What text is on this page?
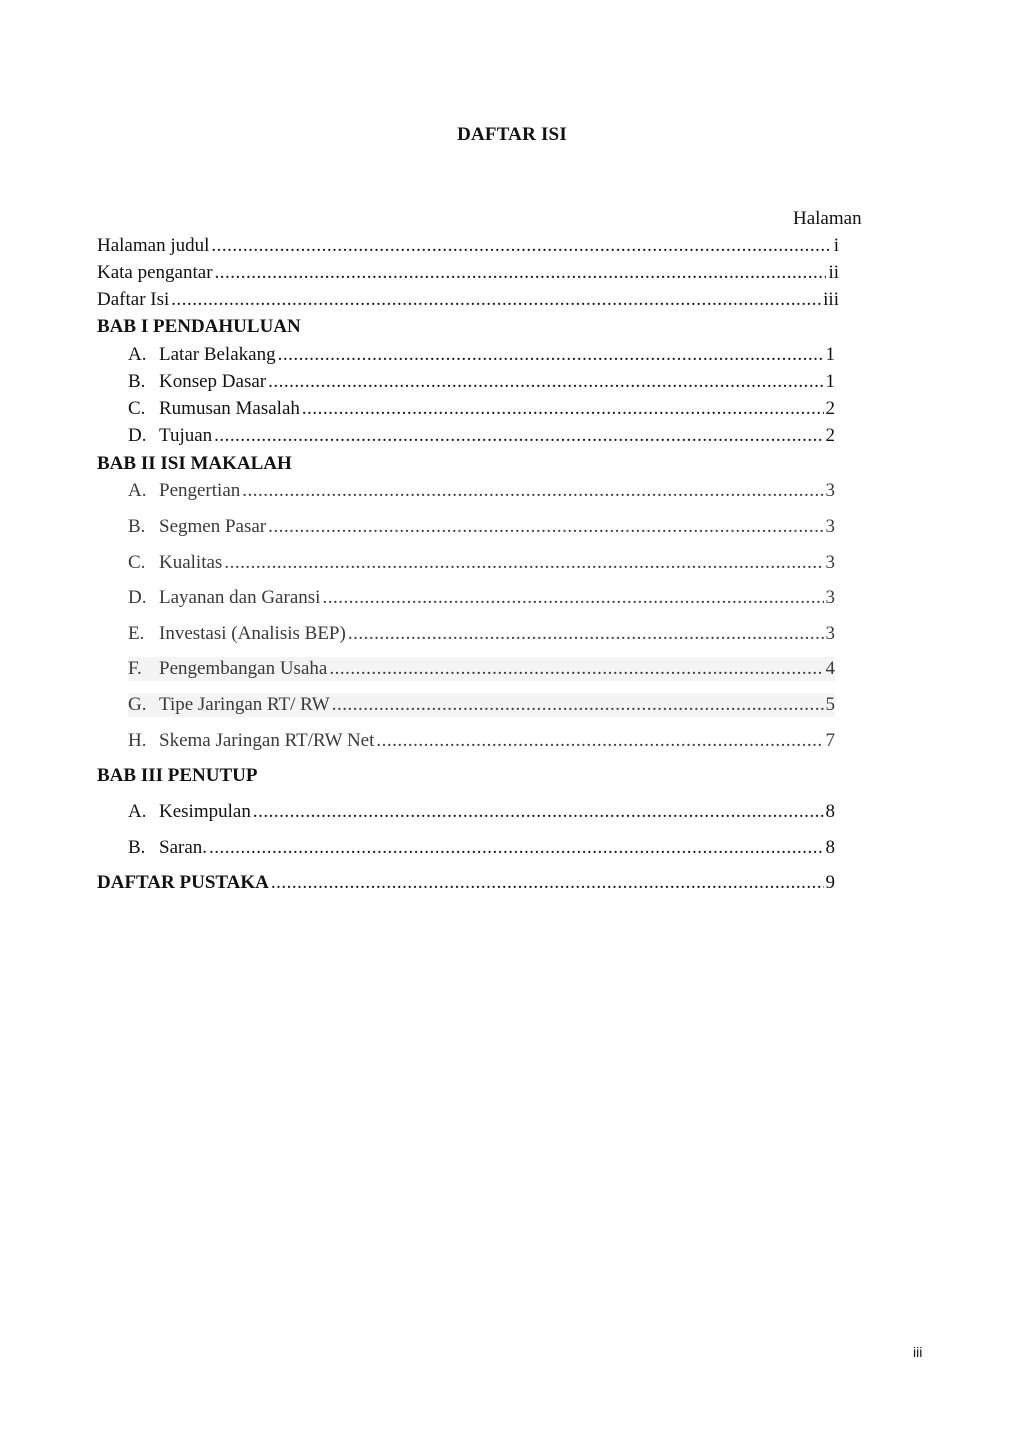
DAFTAR ISI
Halaman
Halaman judul .....	i
Kata pengantar .....	ii
Daftar Isi .....	iii
BAB I PENDAHULUAN
A. Latar Belakang .....	1
B. Konsep Dasar .....	1
C. Rumusan Masalah .....	2
D. Tujuan .....	2
BAB II ISI MAKALAH
A. Pengertian .....	3
B. Segmen Pasar .....	3
C. Kualitas .....	3
D. Layanan dan Garansi .....	3
E. Investasi (Analisis BEP) .....	3
F. Pengembangan Usaha .....	4
G. Tipe Jaringan RT/ RW .....	5
H. Skema Jaringan RT/RW Net .....	7
BAB III PENUTUP
A. Kesimpulan .....	8
B. Saran. .....	8
DAFTAR PUSTAKA .....	9
iii
